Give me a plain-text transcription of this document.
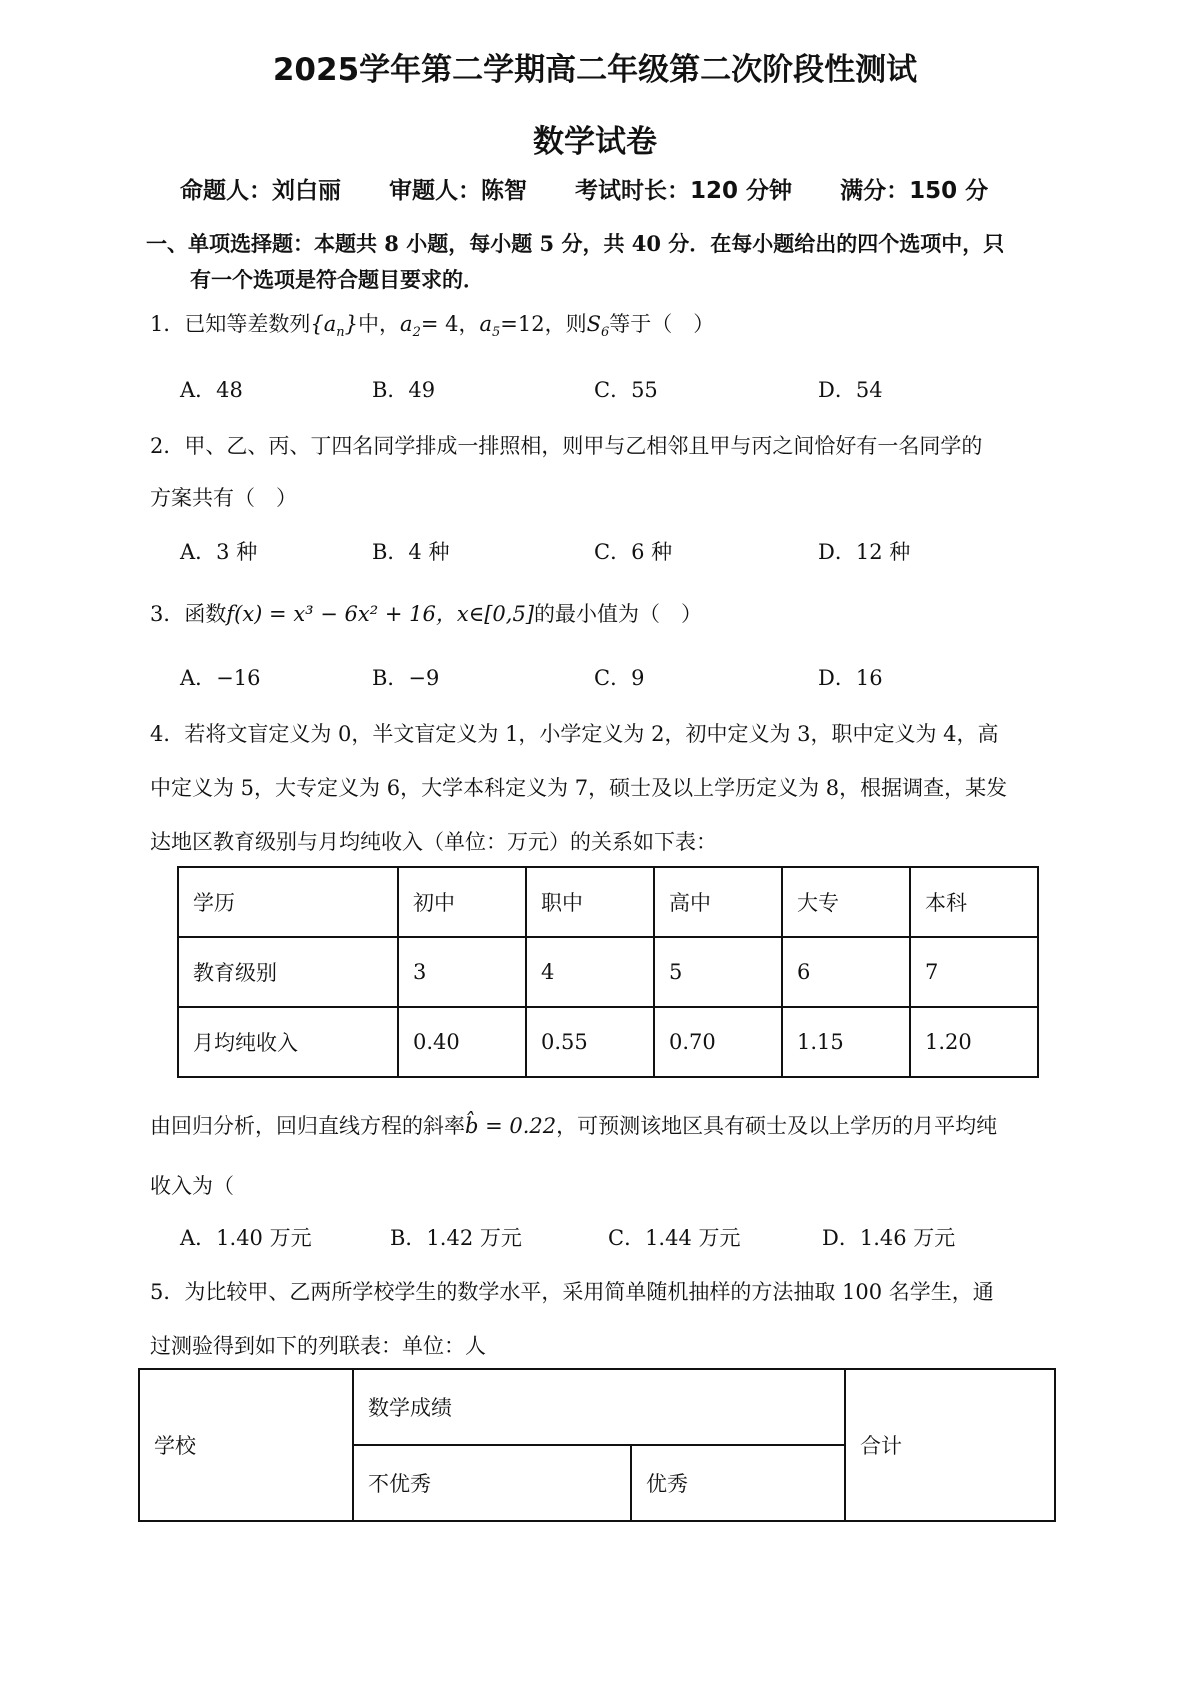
2025学年第二学期高二年级第二次阶段性测试
数学试卷
命题人：刘白丽 审题人：陈智 考试时长：120 分钟 满分：150 分
一、单项选择题：本题共 8 小题，每小题 5 分，共 40 分．在每小题给出的四个选项中，只
有一个选项是符合题目要求的．
1．已知等差数列$\{a_n\}$中，$a_2= 4$，$a_5=12$，则$S_6$等于（　）
A．48	B．49	C．55	D．54
2．甲、乙、丙、丁四名同学排成一排照相，则甲与乙相邻且甲与丙之间恰好有一名同学的
方案共有（　）
A．3 种	B．4 种	C．6 种	D．12 种
3．函数f(x) = x³ − 6x² + 16，x∈[0,5]的最小值为（　）
A．−16	B．−9	C．9	D．16
4．若将文盲定义为 0，半文盲定义为 1，小学定义为 2，初中定义为 3，职中定义为 4，高
中定义为 5，大专定义为 6，大学本科定义为 7，硕士及以上学历定义为 8，根据调查，某发
达地区教育级别与月均纯收入（单位：万元）的关系如下表：
学历	初中	职中	高中	大专	本科
教育级别	3	4	5	6	7
月均纯收入	0.40	0.55	0.70	1.15	1.20
由回归分析，回归直线方程的斜率b̂ = 0.22，可预测该地区具有硕士及以上学历的月平均纯
收入为（
A．1.40 万元	B．1.42 万元	C．1.44 万元	D．1.46 万元
5．为比较甲、乙两所学校学生的数学水平，采用简单随机抽样的方法抽取 100 名学生，通
过测验得到如下的列联表：单位：人
学校	数学成绩		合计
	不优秀	优秀	
